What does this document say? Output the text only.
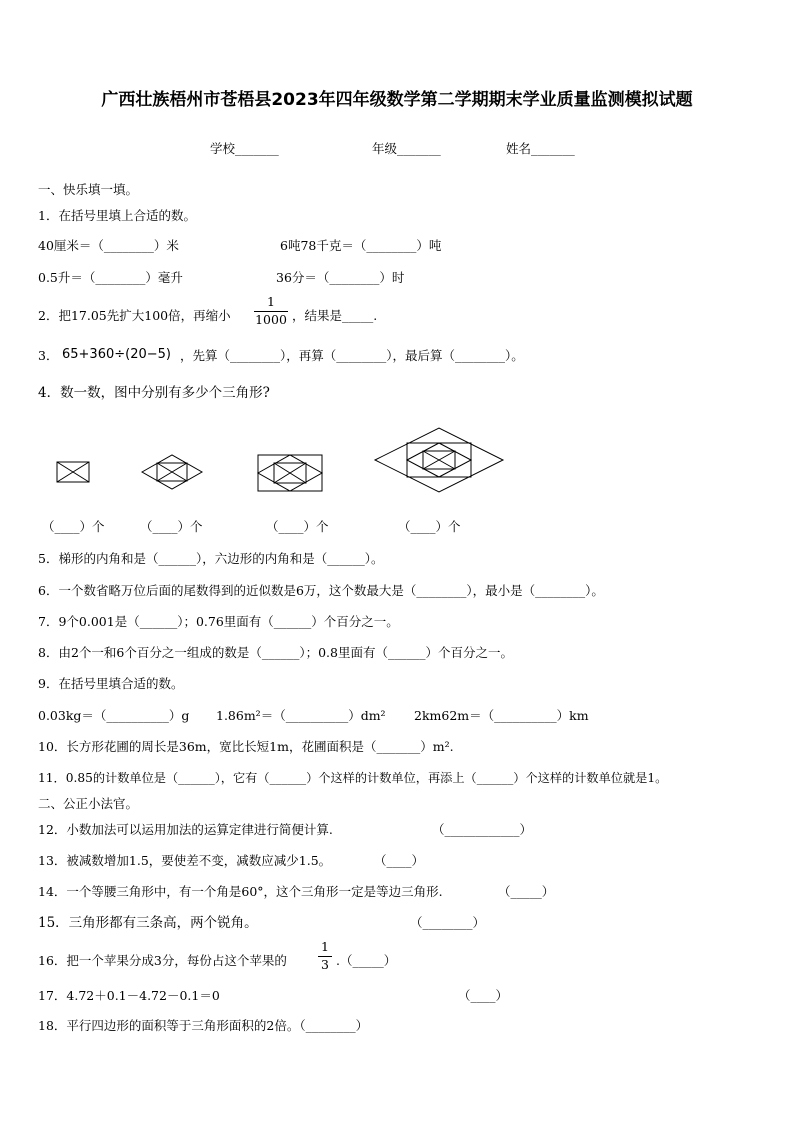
广西壮族梧州市苍梧县2023年四年级数学第二学期期末学业质量监测模拟试题
学校_______	年级_______	姓名_______
一、快乐填一填。
1．在括号里填上合适的数。
40厘米＝（________）米	6吨78千克＝（________）吨
0.5升＝（________）毫升	36分＝（________）时
2．把17.05先扩大100倍，再缩小
1
1000 ，结果是_____.
3． 65+360÷(20−5) ，先算（________），再算（________），最后算（________）。
4．数一数，图中分别有多少个三角形?
（____）个	（____）个	（____）个	（____）个
5．梯形的内角和是（______），六边形的内角和是（______）。
6．一个数省略万位后面的尾数得到的近似数是6万，这个数最大是（________），最小是（________）。
7．9个0.001是（______）；0.76里面有（______）个百分之一。
8．由2个一和6个百分之一组成的数是（______）；0.8里面有（______）个百分之一。
9．在括号里填合适的数。
0.03kg＝（__________）g 1.86m²＝（__________）dm² 2km62m＝（__________）km
10．长方形花圃的周长是36m，宽比长短1m，花圃面积是（_______）m².
11．0.85的计数单位是（______），它有（______）个这样的计数单位，再添上（______）个这样的计数单位就是1。
二、公正小法官。
12．小数加法可以运用加法的运算定律进行简便计算.	（____________）
13．被减数增加1.5，要使差不变，减数应减少1.5。	（____）
14．一个等腰三角形中，有一个角是60°，这个三角形一定是等边三角形.	（_____）
15．三角形都有三条高，两个锐角。	（________）
16．把一个苹果分成3分，每份占这个苹果的
1
3 .（_____）
17．4.72＋0.1－4.72－0.1＝0	（____）
18．平行四边形的面积等于三角形面积的2倍。（________）
